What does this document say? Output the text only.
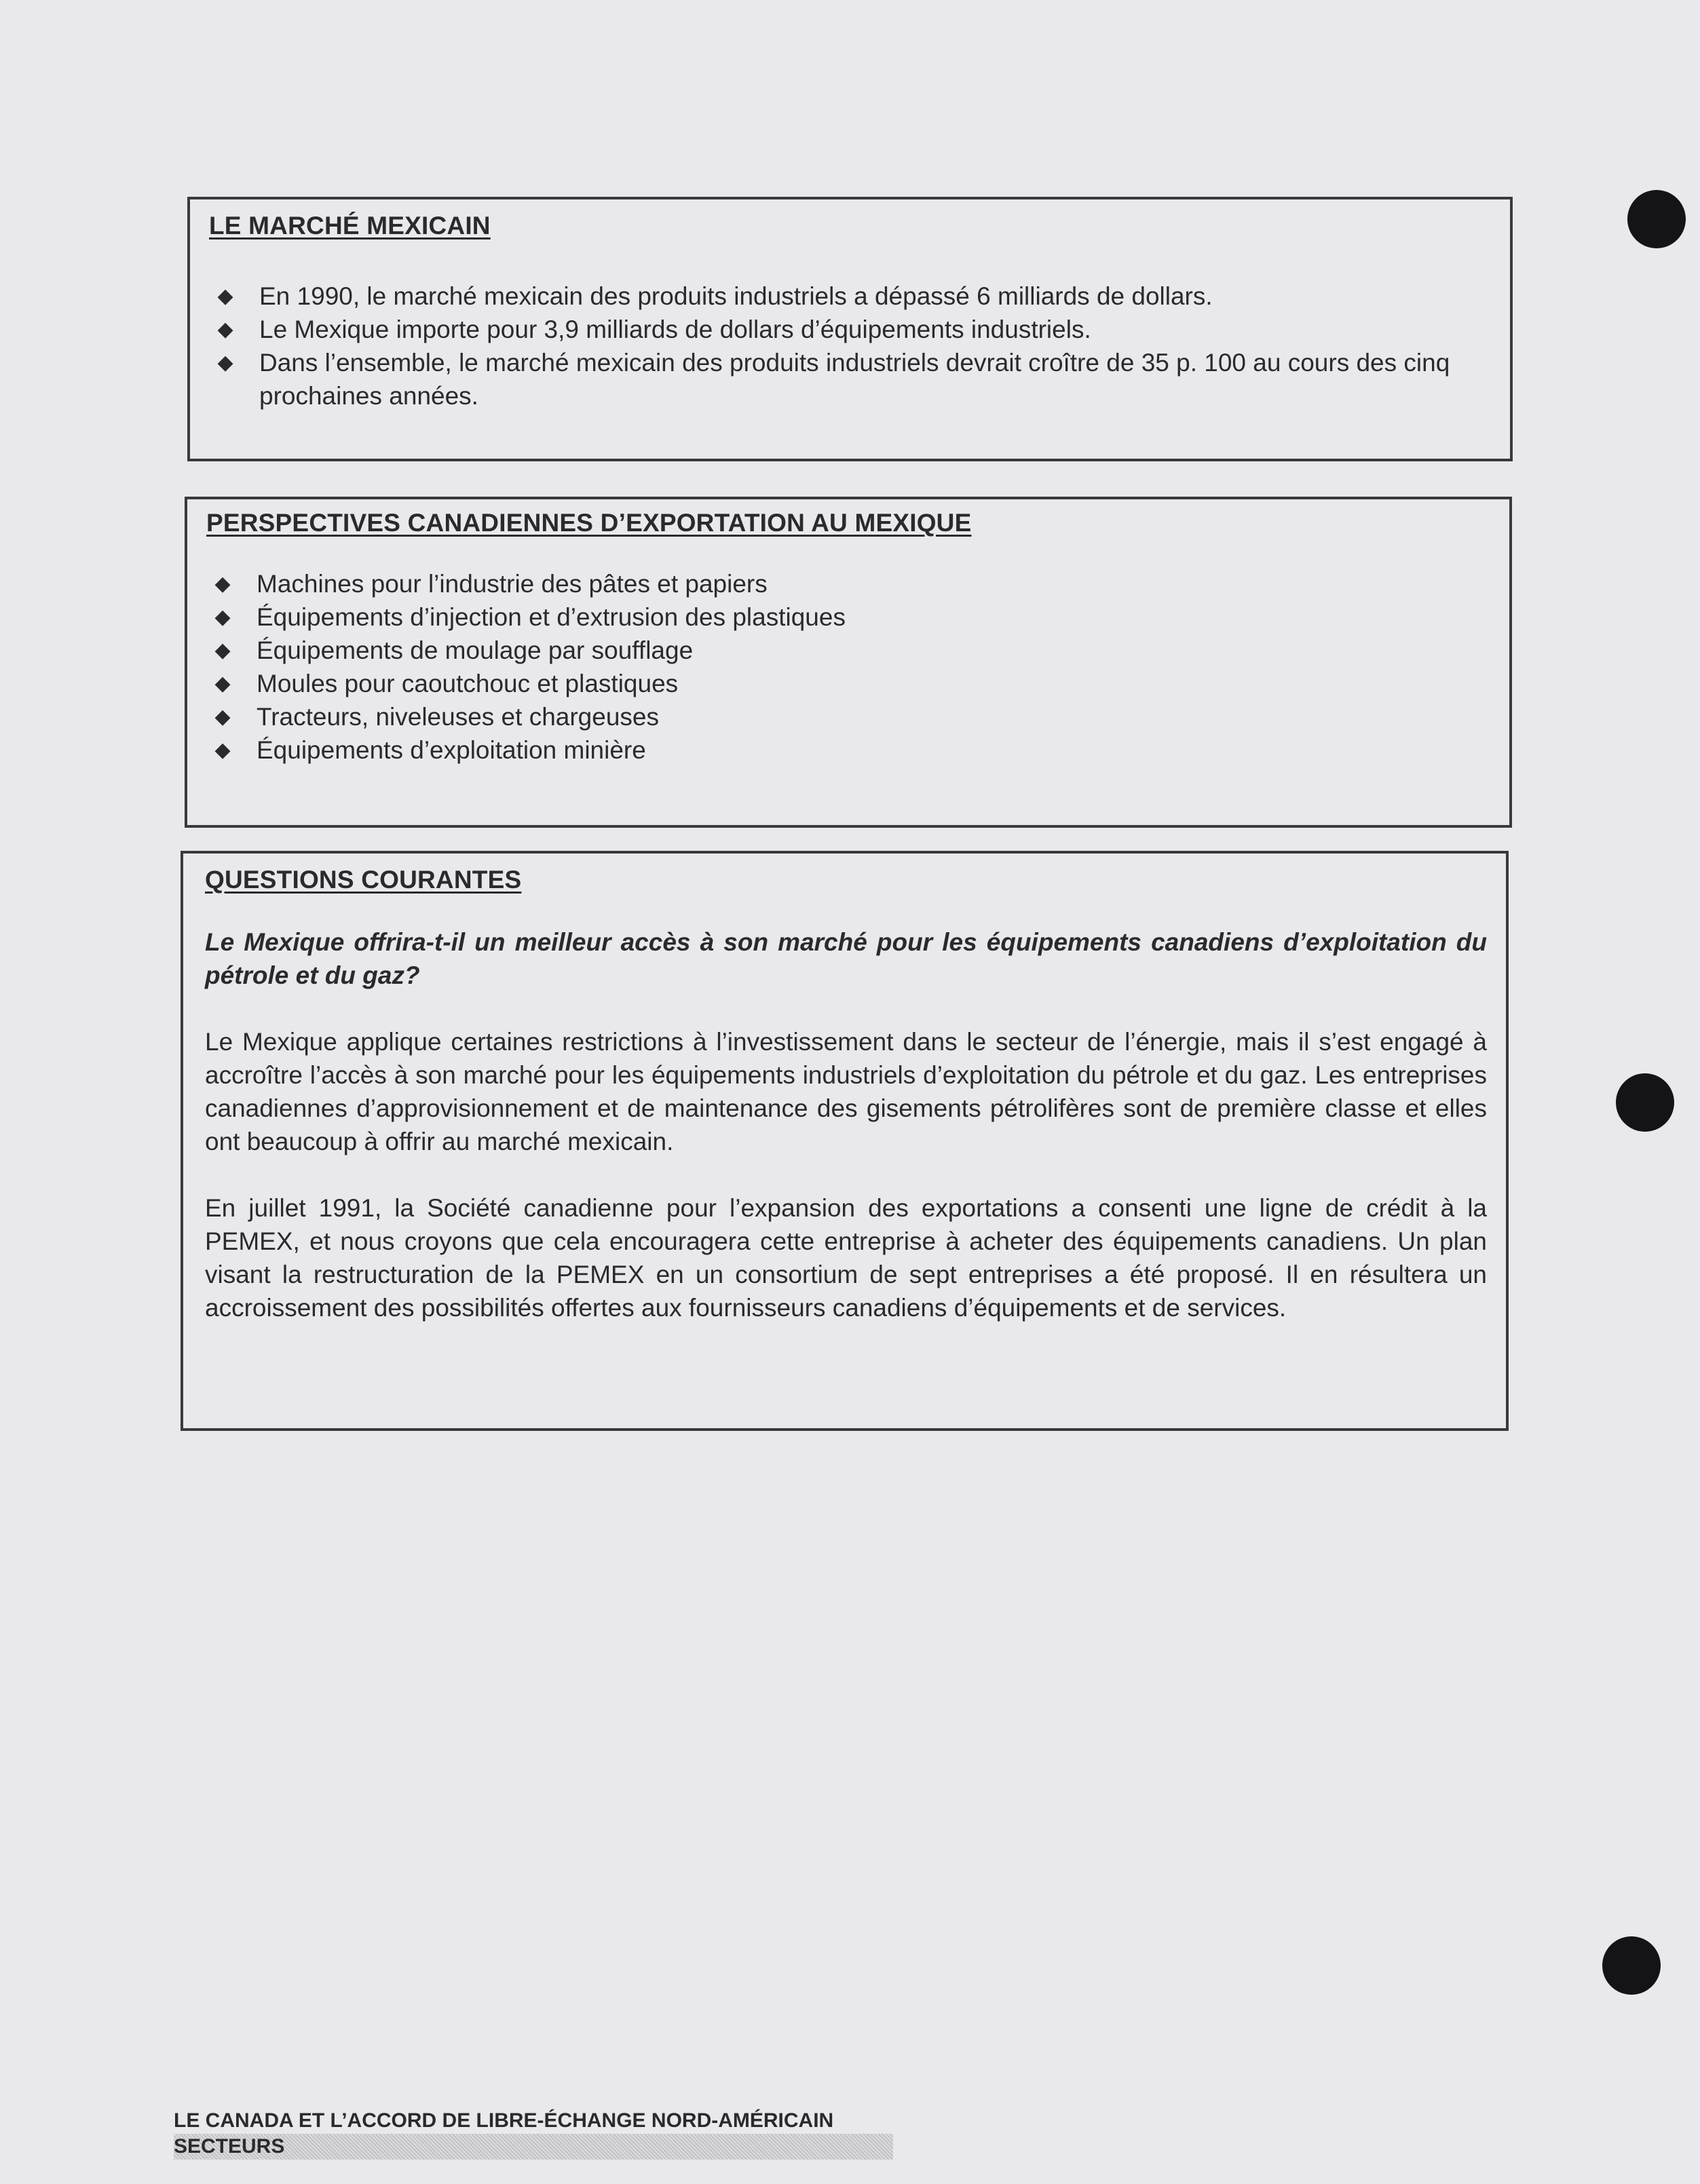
LE MARCHÉ MEXICAIN
◆ En 1990, le marché mexicain des produits industriels a dépassé 6 milliards de dollars.
◆ Le Mexique importe pour 3,9 milliards de dollars d’équipements industriels.
◆ Dans l’ensemble, le marché mexicain des produits industriels devrait croître de 35 p. 100 au cours des cinq prochaines années.
PERSPECTIVES CANADIENNES D’EXPORTATION AU MEXIQUE
◆ Machines pour l’industrie des pâtes et papiers
◆ Équipements d’injection et d’extrusion des plastiques
◆ Équipements de moulage par soufflage
◆ Moules pour caoutchouc et plastiques
◆ Tracteurs, niveleuses et chargeuses
◆ Équipements d’exploitation minière
QUESTIONS COURANTES

Le Mexique offrira-t-il un meilleur accès à son marché pour les équipements canadiens d’exploitation du pétrole et du gaz?

Le Mexique applique certaines restrictions à l’investissement dans le secteur de l’énergie, mais il s’est engagé à accroître l’accès à son marché pour les équipements industriels d’exploitation du pétrole et du gaz. Les entreprises canadiennes d’approvisionnement et de maintenance des gisements pétrolifères sont de première classe et elles ont beaucoup à offrir au marché mexicain.

En juillet 1991, la Société canadienne pour l’expansion des exportations a consenti une ligne de crédit à la PEMEX, et nous croyons que cela encouragera cette entreprise à acheter des équipements canadiens. Un plan visant la restructuration de la PEMEX en un consortium de sept entreprises a été proposé. Il en résultera un accroissement des possibilités offertes aux fournisseurs canadiens d’équipements et de services.

LE CANADA ET L’ACCORD DE LIBRE-ÉCHANGE NORD-AMÉRICAIN
SECTEURS
